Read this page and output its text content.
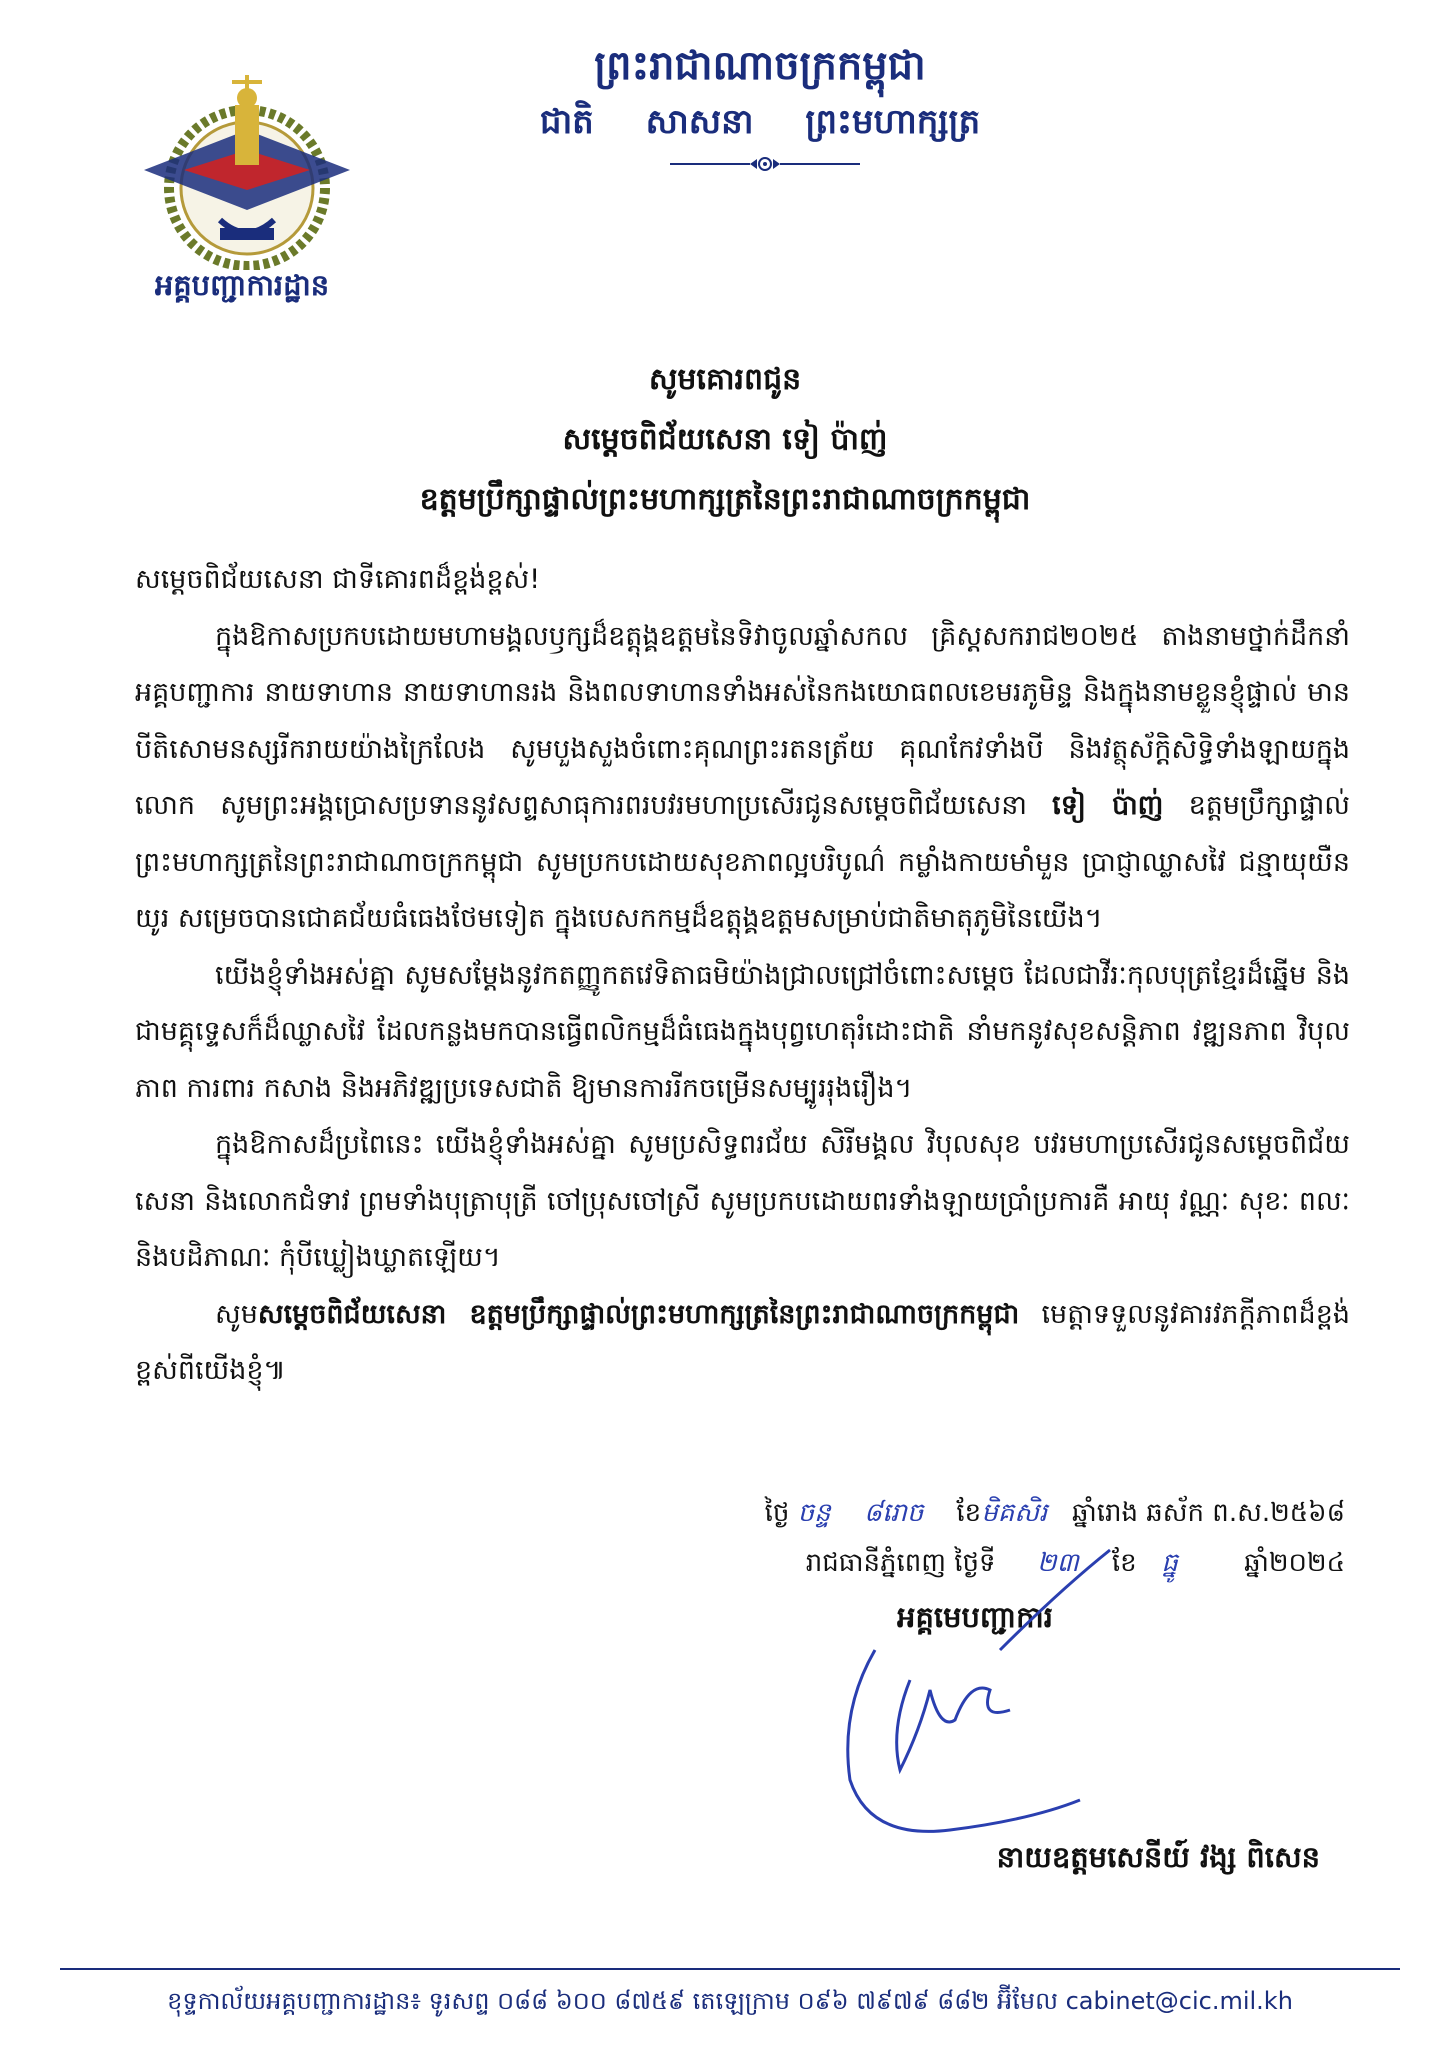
អគ្គបញ្ជាការដ្ឋាន
ព្រះរាជាណាចក្រកម្ពុជា
ជាតិ សាសនា ព្រះមហាក្សត្រ
សូមគោរពជូន
សម្តេចពិជ័យសេនា ទៀ ប៉ាញ់
ឧត្តមប្រឹក្សាផ្ទាល់ព្រះមហាក្សត្រនៃព្រះរាជាណាចក្រកម្ពុជា

សម្តេចពិជ័យសេនា ជាទីគោរពដ៏ខ្ពង់ខ្ពស់!

ក្នុងឱកាសប្រកបដោយមហាមង្គលឫក្សដ៏ឧត្តុង្គឧត្តមនៃទិវាចូលឆ្នាំសកល គ្រិស្តសករាជ២០២៥ តាងនាមថ្នាក់ដឹកនាំអគ្គបញ្ជាការ នាយទាហាន នាយទាហានរង និងពលទាហានទាំងអស់នៃកងយោធពលខេមរភូមិន្ទ និងក្នុងនាមខ្លួនខ្ញុំផ្ទាល់ មានបីតិសោមនស្សរីករាយយ៉ាងក្រៃលែង សូមបួងសួងចំពោះគុណព្រះរតនត្រ័យ គុណកែវទាំងបី និងវត្ថុស័ក្តិសិទ្ធិទាំងឡាយក្នុងលោក សូមព្រះអង្គប្រោសប្រទាននូវសព្ទសាធុការពរបវរមហាប្រសើរជូនសម្តេចពិជ័យសេនា ទៀ ប៉ាញ់ ឧត្តមប្រឹក្សាផ្ទាល់ព្រះមហាក្សត្រនៃព្រះរាជាណាចក្រកម្ពុជា សូមប្រកបដោយសុខភាពល្អបរិបូណ៌ កម្លាំងកាយមាំមួន ប្រាជ្ញាឈ្លាសវៃ ជន្មាយុយឺនយូរ សម្រេចបានជោគជ័យធំធេងថែមទៀត ក្នុងបេសកកម្មដ៏ឧត្តុង្គឧត្តមសម្រាប់ជាតិមាតុភូមិនៃយើង។

យើងខ្ញុំទាំងអស់គ្នា សូមសម្តែងនូវកតញ្ញូកតវេទិតាធមិយ៉ាងជ្រាលជ្រៅចំពោះសម្តេច ដែលជាវីរៈកុលបុត្រខ្មែរដ៏ឆ្នើម និងជាមគ្គុទ្ទេសក៏ដ៏ឈ្លាសវៃ ដែលកន្លងមកបានធ្វើពលិកម្មដ៏ធំធេងក្នុងបុព្វហេតុរំដោះជាតិ នាំមកនូវសុខសន្តិភាព វឌ្ឍនភាព វិបុលភាព ការពារ កសាង និងអភិវឌ្ឍប្រទេសជាតិ ឱ្យមានការរីកចម្រើនសម្បូររុងរឿង។

ក្នុងឱកាសដ៏ប្រពៃនេះ យើងខ្ញុំទាំងអស់គ្នា សូមប្រសិទ្ធពរជ័យ សិរីមង្គល វិបុលសុខ បវរមហាប្រសើរជូនសម្តេចពិជ័យសេនា និងលោកជំទាវ ព្រមទាំងបុត្រាបុត្រី ចៅប្រុសចៅស្រី សូមប្រកបដោយពរទាំងឡាយប្រាំប្រការគឺ អាយុ វណ្ណៈ សុខៈ ពលៈ និងបដិភាណៈ កុំបីឃ្លៀងឃ្លាតឡើយ។

សូមសម្តេចពិជ័យសេនា ឧត្តមប្រឹក្សាផ្ទាល់ព្រះមហាក្សត្រនៃព្រះរាជាណាចក្រកម្ពុជា មេត្តាទទួលនូវគារវភក្តីភាពដ៏ខ្ពង់ខ្ពស់ពីយើងខ្ញុំ៕

ថ្ងៃ ចន្ទ ៨រោច ខែមិគសិរ ឆ្នាំរោង ឆស័ក ព.ស.២៥៦៨
រាជធានីភ្នំពេញ ថ្ងៃទី ២៣ ខែ ធ្នូ	ឆ្នាំ២០២៤
អគ្គមេបញ្ជាការ
នាយឧត្តមសេនីយ៍ វង្ស ពិសេន
ខុទ្ទកាល័យអគ្គបញ្ជាការដ្ឋាន៖ ទូរសព្ទ ០៨៨ ៦០០ ៨៧៥៩ តេឡេក្រាម ០៩៦ ៧៩៧៩ ៨៨២ អ៊ីមែល cabinet@cic.mil.kh
